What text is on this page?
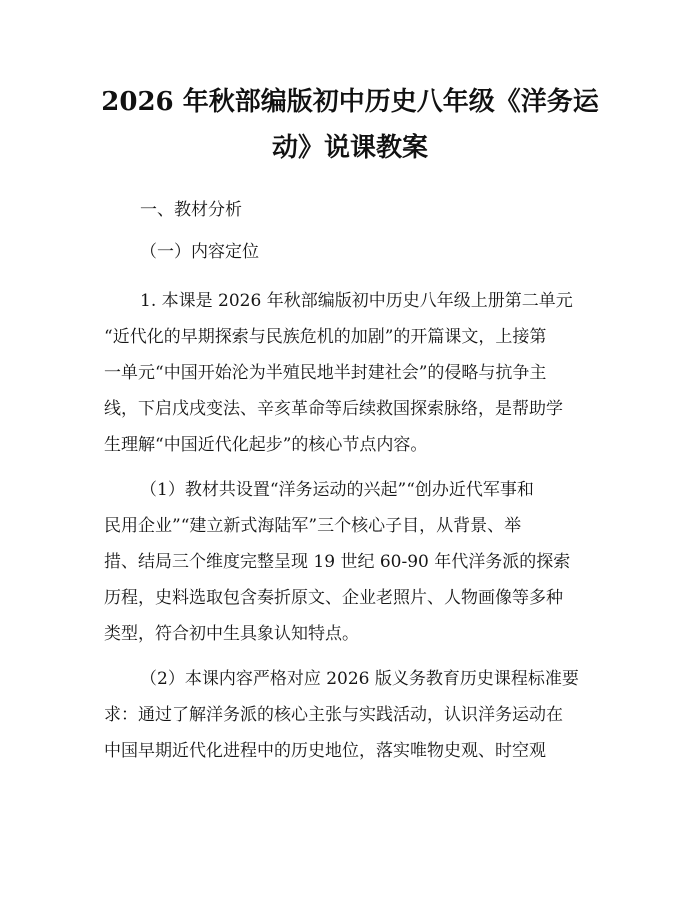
2026 年秋部编版初中历史八年级《洋务运
动》说课教案
一、教材分析
（一）内容定位
1. 本课是 2026 年秋部编版初中历史八年级上册第二单元
“近代化的早期探索与民族危机的加剧”的开篇课文，上接第
一单元“中国开始沦为半殖民地半封建社会”的侵略与抗争主
线，下启戊戌变法、辛亥革命等后续救国探索脉络，是帮助学
生理解“中国近代化起步”的核心节点内容。
（1）教材共设置“洋务运动的兴起”“创办近代军事和
民用企业”“建立新式海陆军”三个核心子目，从背景、举
措、结局三个维度完整呈现 19 世纪 60-90 年代洋务派的探索
历程，史料选取包含奏折原文、企业老照片、人物画像等多种
类型，符合初中生具象认知特点。
（2）本课内容严格对应 2026 版义务教育历史课程标准要
求：通过了解洋务派的核心主张与实践活动，认识洋务运动在
中国早期近代化进程中的历史地位，落实唯物史观、时空观
